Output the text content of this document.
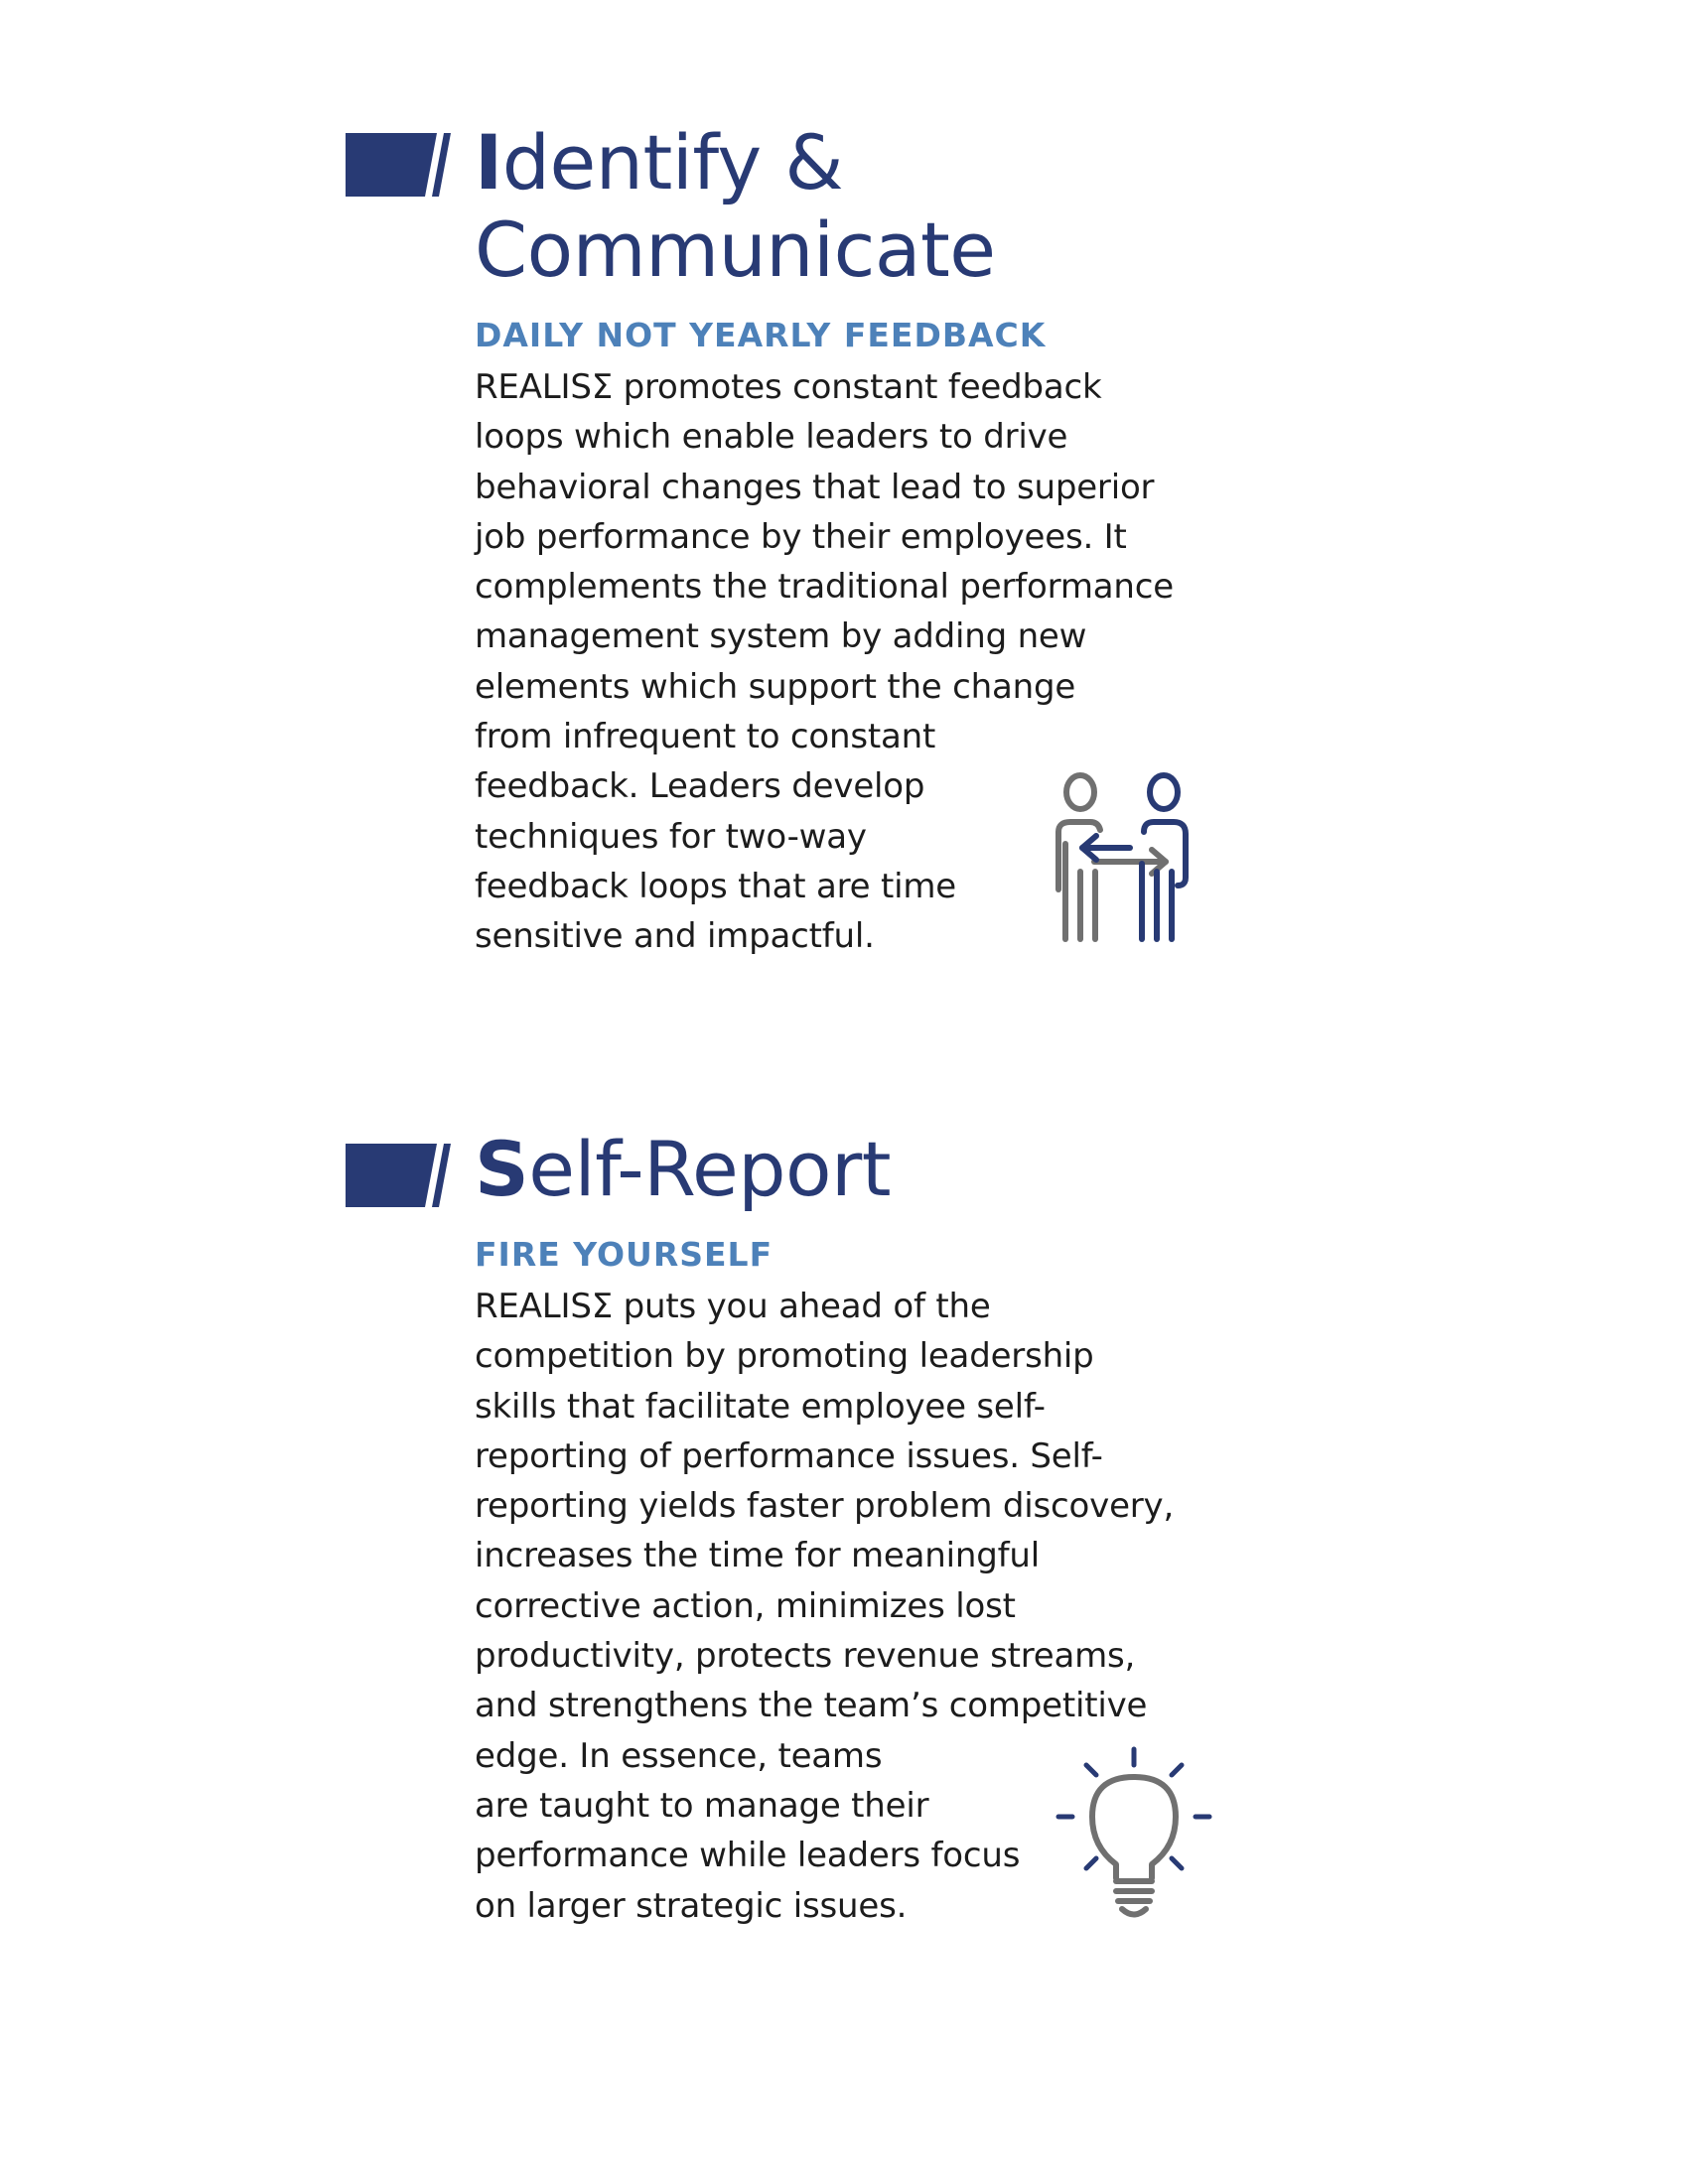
Identify &
Communicate
DAILY NOT YEARLY FEEDBACK

REALISΣ promotes constant feedback
loops which enable leaders to drive
behavioral changes that lead to superior
job performance by their employees. It
complements the traditional performance
management system by adding new
elements which support the change
from infrequent to constant
feedback. Leaders develop
techniques for two-way
feedback loops that are time
sensitive and impactful.

Self-Report
FIRE YOURSELF

REALISΣ puts you ahead of the
competition by promoting leadership
skills that facilitate employee self-
reporting of performance issues. Self-
reporting yields faster problem discovery,
increases the time for meaningful
corrective action, minimizes lost
productivity, protects revenue streams,
and strengthens the team’s competitive
edge. In essence, teams
are taught to manage their
performance while leaders focus
on larger strategic issues.
